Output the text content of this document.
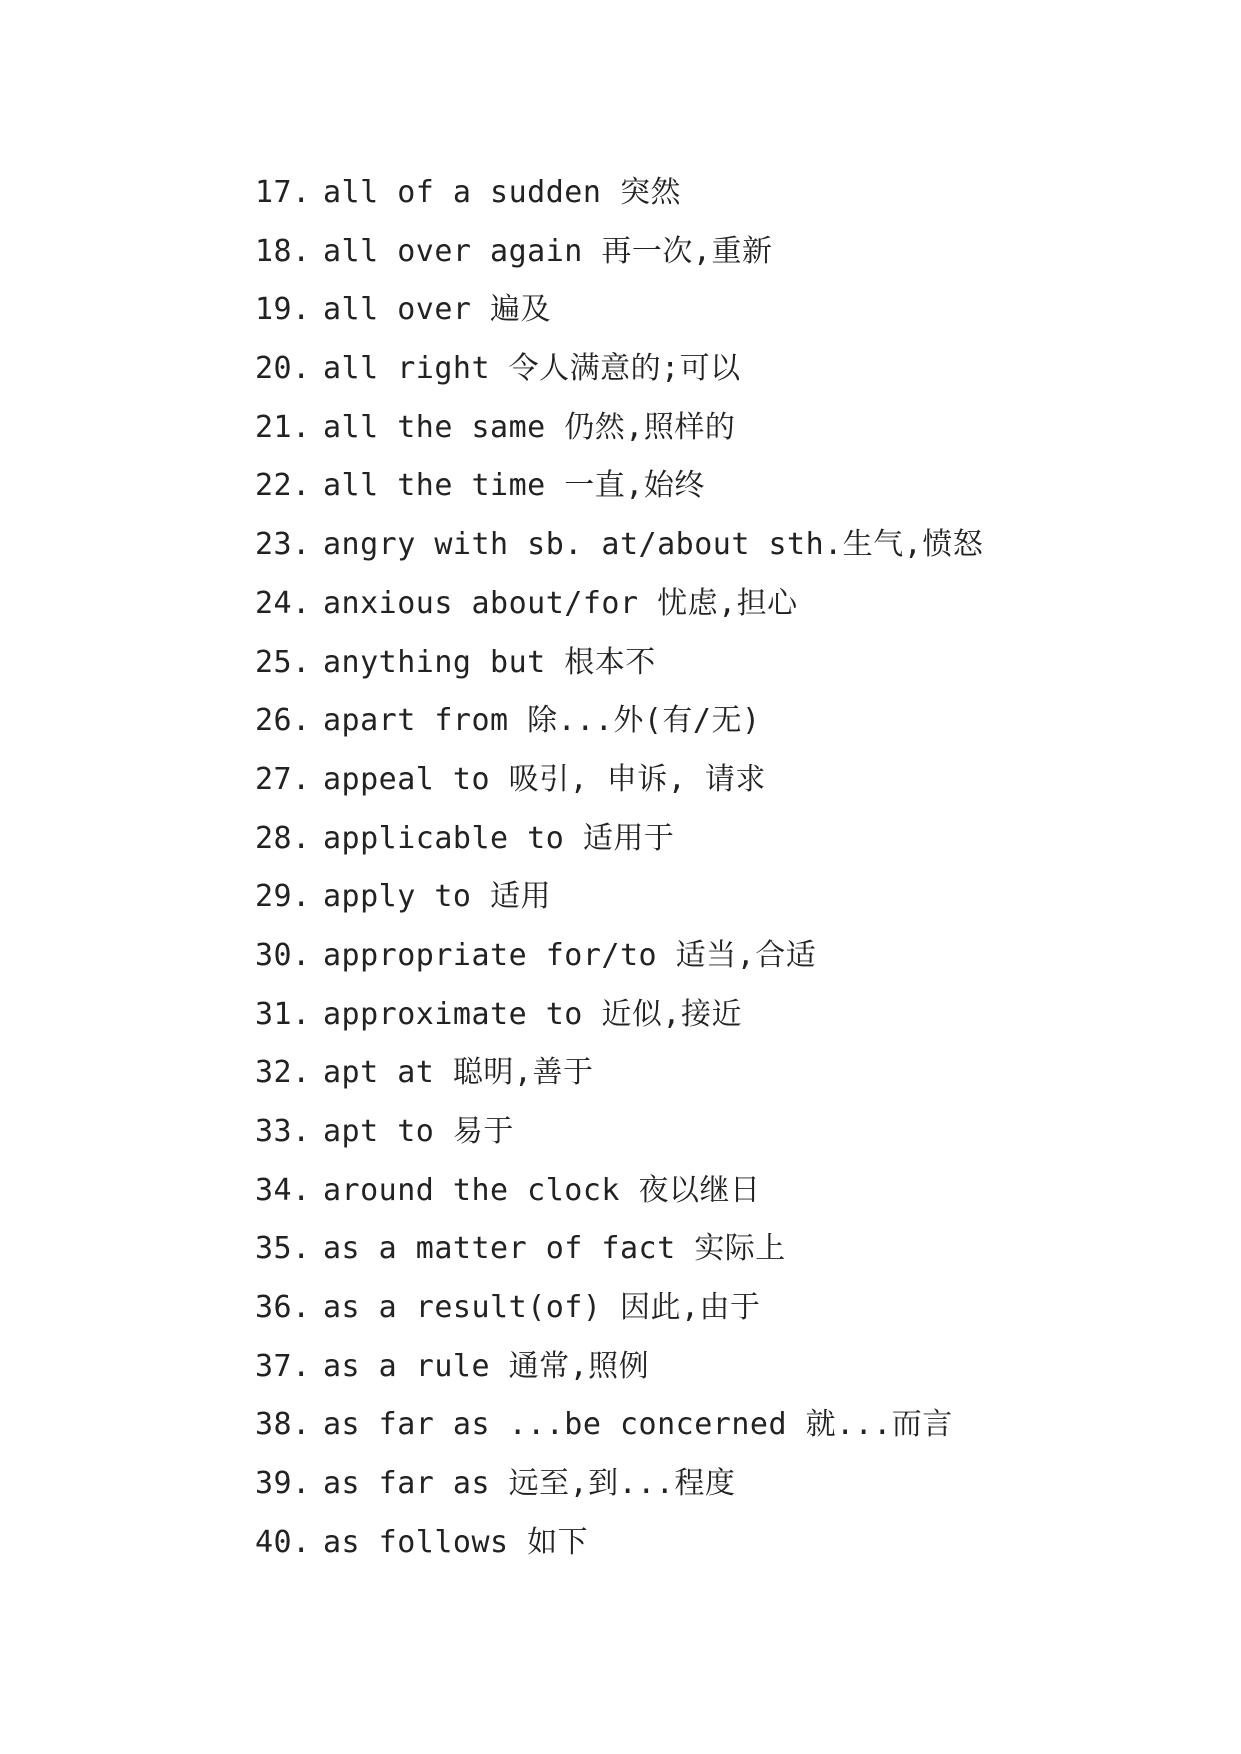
17. all of a sudden 突然
18. all over again 再一次,重新
19. all over 遍及
20. all right 令人满意的;可以
21. all the same 仍然,照样的
22. all the time 一直,始终
23. angry with sb. at/about sth.生气,愤怒
24. anxious about/for 忧虑,担心
25. anything but 根本不
26. apart from 除...外(有/无)
27. appeal to 吸引, 申诉, 请求
28. applicable to 适用于
29. apply to 适用
30. appropriate for/to 适当,合适
31. approximate to 近似,接近
32. apt at 聪明,善于
33. apt to 易于
34. around the clock 夜以继日
35. as a matter of fact 实际上
36. as a result(of) 因此,由于
37. as a rule 通常,照例
38. as far as ...be concerned 就...而言
39. as far as 远至,到...程度
40. as follows 如下
